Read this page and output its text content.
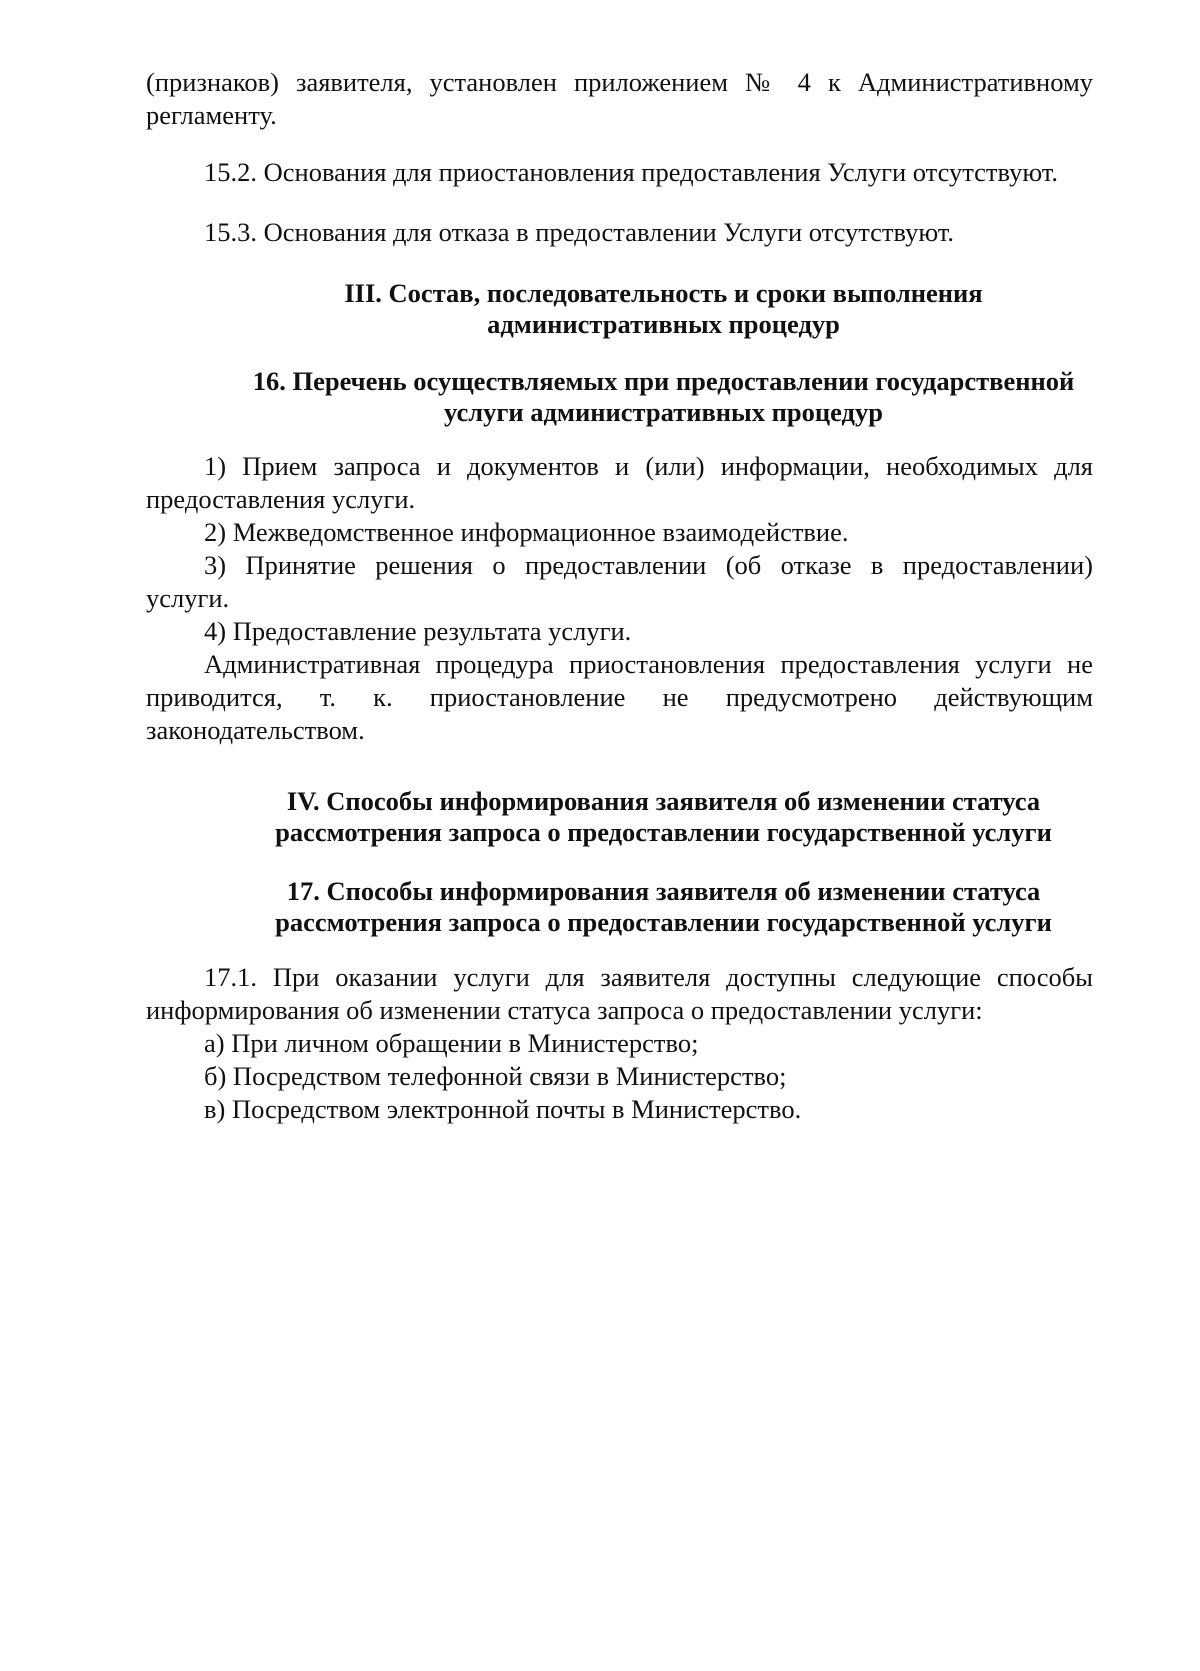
(признаков) заявителя, установлен приложением № 4 к Административному
регламенту.

15.2. Основания для приостановления предоставления Услуги отсутствуют.

15.3. Основания для отказа в предоставлении Услуги отсутствуют.

III. Состав, последовательность и сроки выполнения
административных процедур
16. Перечень осуществляемых при предоставлении государственной
услуги административных процедур
1) Прием запроса и документов и (или) информации, необходимых для
предоставления услуги.

2) Межведомственное информационное взаимодействие.

3) Принятие решения о предоставлении (об отказе в предоставлении)
услуги.

4) Предоставление результата услуги.

Административная процедура приостановления предоставления услуги не
приводится, т. к. приостановление не предусмотрено действующим
законодательством.
IV. Способы информирования заявителя об изменении статуса
рассмотрения запроса о предоставлении государственной услуги
17. Способы информирования заявителя об изменении статуса
рассмотрения запроса о предоставлении государственной услуги
17.1. При оказании услуги для заявителя доступны следующие способы
информирования об изменении статуса запроса о предоставлении услуги:
а) При личном обращении в Министерство;
б) Посредством телефонной связи в Министерство;
в) Посредством электронной почты в Министерство.
